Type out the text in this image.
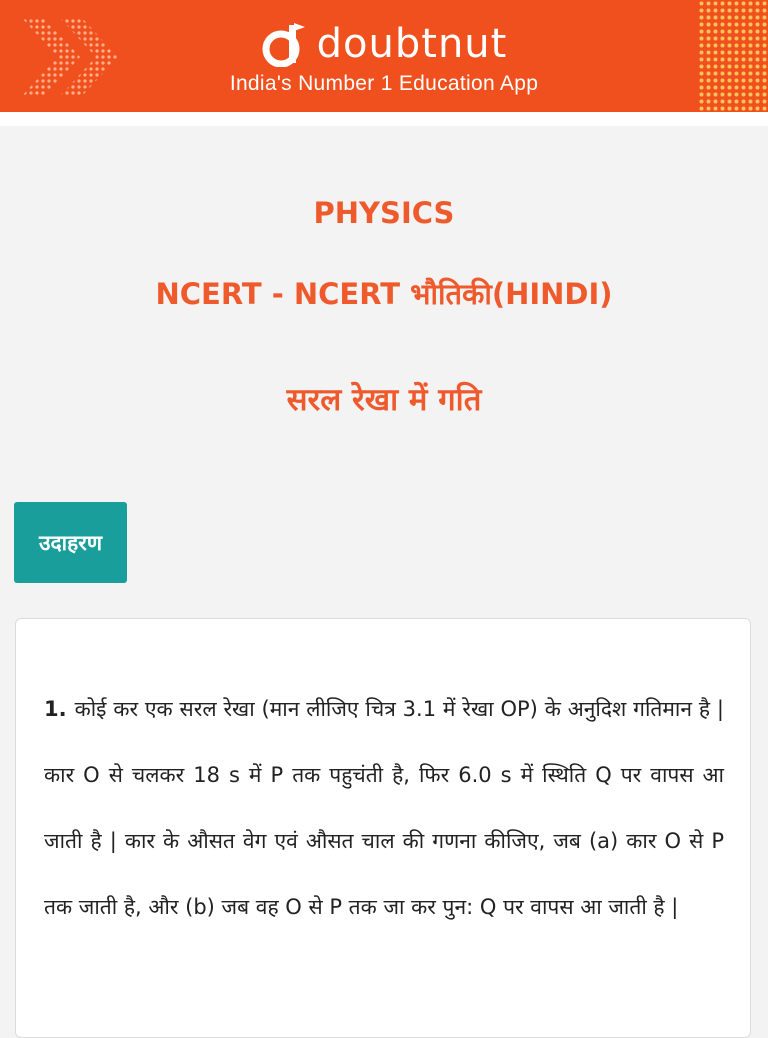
doubtnut
India's Number 1 Education App
PHYSICS
NCERT - NCERT भौतिकी(HINDI)
सरल रेखा में गति
उदाहरण

1. कोई कर एक सरल रेखा (मान लीजिए चित्र 3.1 में रेखा OP) के अनुदिश गतिमान है | कार O से चलकर 18 s में P तक पहुचंती है, फिर 6.0 s में स्थिति Q पर वापस आ जाती है | कार के औसत वेग एवं औसत चाल की गणना कीजिए, जब (a) कार O से P तक जाती है, और (b) जब वह O से P तक जा कर पुन: Q पर वापस आ जाती है |
